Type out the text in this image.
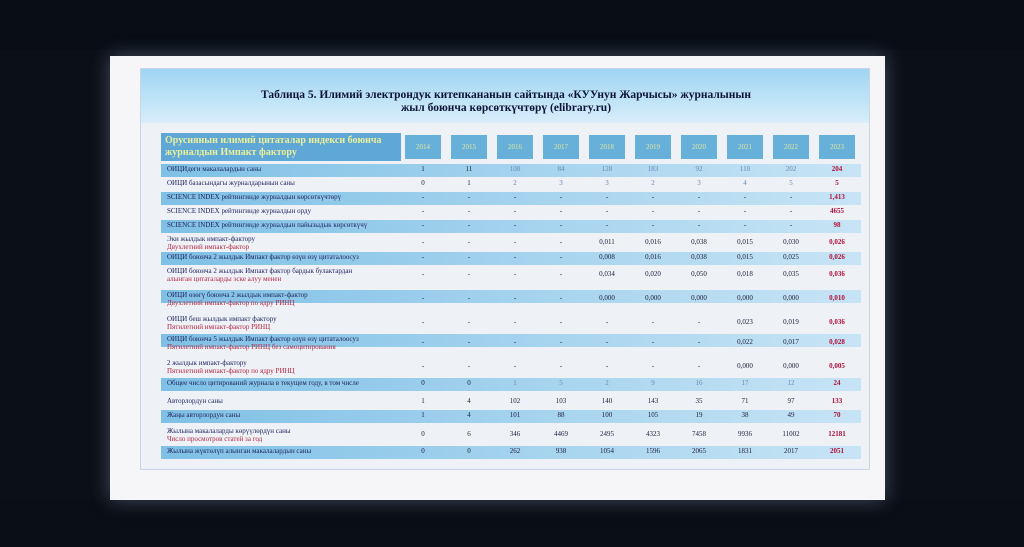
Таблица 5. Илимий электрондук китепкананын сайтында «КУУнун Жарчысы» журналынын
жыл боюнча көрсөткүчтөрү (elibrary.ru)
Орусиянын илимий цитаталар индекси боюнча журналдын Импакт фактору	2014	2015	2016	2017	2018	2019	2020	2021	2022	2023
ОИЦИдеги макалалардын саны	1	11	108	84	128	183	92	110	202	204
ОИЦИ базасындагы журналдарынын саны	0	1	2	3	3	2	3	4	5	5
SCIENCE INDEX рейтингинде журналдын көрсөткүчтөрү	-	-	-	-	-	-	-	-	-	1,413
SCIENCE INDEX рейтингинде журналдын орду	-	-	-	-	-	-	-	-	-	4655
SCIENCE INDEX рейтингинде журналдын пайызыдык көрсөткүчү	-	-	-	-	-	-	-	-	-	98
Эки жылдык импакт-фактору
Двухлетний импакт-фактор
-	-	-	-	0,011	0,016	0,038	0,015	0,030	0,026
ОИЦИ боюнча 2 жылдык Импакт фактор өзүн өзү цитаталоосуз	-	-	-	-	0,008	0,016	0,038	0,015	0,025	0,026
ОИЦИ боюнча 2 жылдык Импакт фактор бардык булактардан
алынган цитаталарды эске алуу менен
-	-	-	-	0,034	0,020	0,050	0,018	0,035	0,036
ОИЦИ өзөгү боюнча 2 жылдык импакт-фактор
Двухлетний импакт-фактор по ядру РИНЦ
-	-	-	-	0,000	0,000	0,000	0,000	0,000	0,010
ОИЦИ беш жылдык импакт фактору
Пятилетний импакт-фактор РИНЦ
-	-	-	-	-	-	-	0,023	0,019	0,036
ОИЦИ боюнча 5 жылдык Импакт фактор өзүн өзү цитаталоосуз
Пятилетний импакт-фактор РИНЦ без самоцитирования
-	-	-	-	-	-	-	0,022	0,017	0,028
2 жылдык импакт-фактору
Пятилетний импакт-фактор по ядру РИНЦ
-	-	-	-	-	-	-	0,000	0,000	0,005
Общее число цитирований журнала в текущем году, в том числе	0	0	1	5	2	9	16	17	12	24
Авторлордун саны	1	4	102	103	140	143	35	71	97	133
Жаңы авторлордун саны	1	4	101	88	100	105	19	38	49	70
Жылына макалаларды көрүүлөрдүн саны
Число просмотров статей за год
0	6	346	4469	2495	4323	7458	9936	11002	12181
Жылына жүктөлүп алынган макалалардын саны	0	0	262	938	1054	1596	2065	1831	2017	2051
